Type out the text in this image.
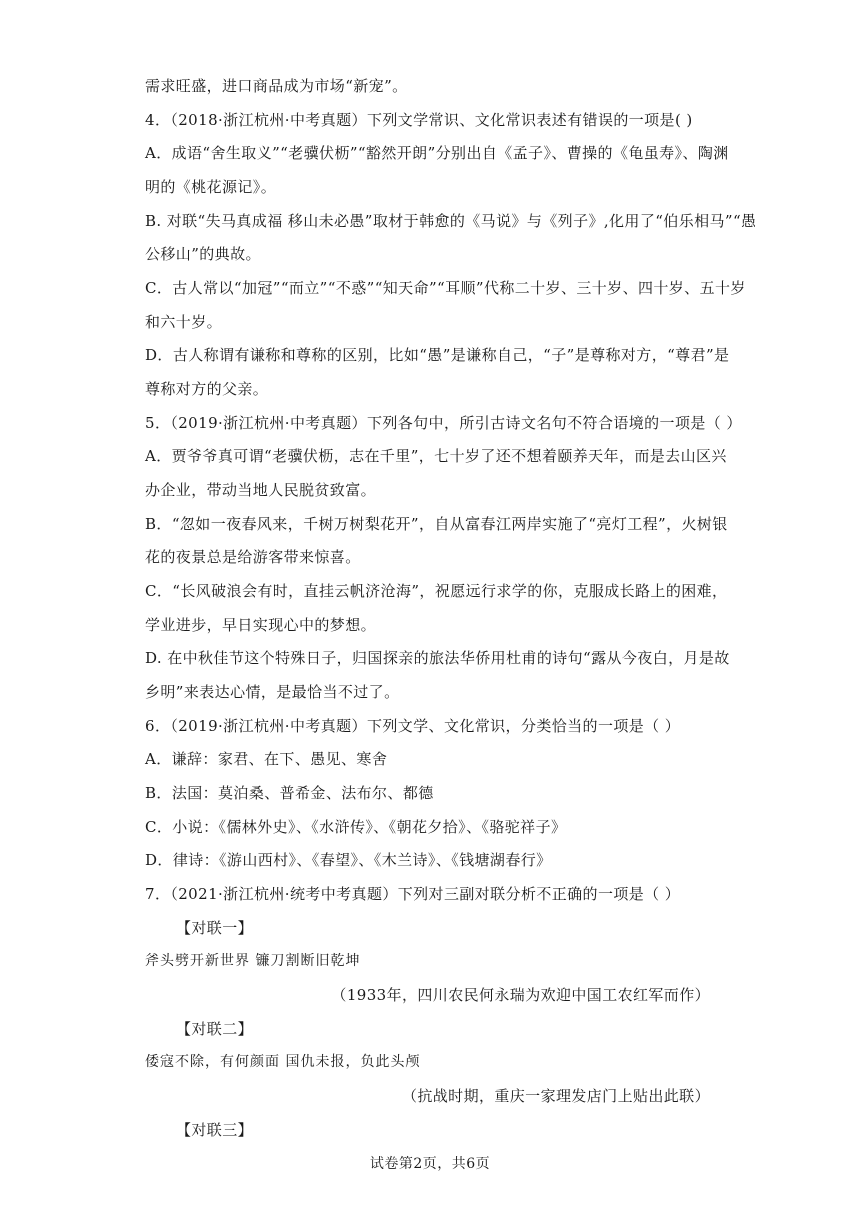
需求旺盛，进口商品成为市场“新宠”。
4．（2018·浙江杭州·中考真题）下列文学常识、文化常识表述有错误的一项是( )
A．成语“舍生取义”“老骥伏枥”“豁然开朗”分别出自《孟子》、曹操的《龟虽寿》、陶渊
明的《桃花源记》。
B. 对联“失马真成福 移山未必愚”取材于韩愈的《马说》与《列子》,化用了“伯乐相马”“愚
公移山”的典故。
C．古人常以“加冠”“而立”“不惑”“知天命”“耳顺”代称二十岁、三十岁、四十岁、五十岁
和六十岁。
D．古人称谓有谦称和尊称的区别，比如“愚”是谦称自己，“子”是尊称对方，“尊君”是
尊称对方的父亲。
5．（2019·浙江杭州·中考真题）下列各句中，所引古诗文名句不符合语境的一项是（ ）
A．贾爷爷真可谓“老骥伏枥，志在千里”，七十岁了还不想着颐养天年，而是去山区兴
办企业，带动当地人民脱贫致富。
B．“忽如一夜春风来，千树万树梨花开”，自从富春江两岸实施了“亮灯工程”，火树银
花的夜景总是给游客带来惊喜。
C．“长风破浪会有时，直挂云帆济沧海”，祝愿远行求学的你，克服成长路上的困难，
学业进步，早日实现心中的梦想。
D. 在中秋佳节这个特殊日子，归国探亲的旅法华侨用杜甫的诗句“露从今夜白，月是故
乡明”来表达心情，是最恰当不过了。
6．（2019·浙江杭州·中考真题）下列文学、文化常识，分类恰当的一项是（ ）
A．谦辞：家君、在下、愚见、寒舍
B．法国：莫泊桑、普希金、法布尔、都德
C．小说：《儒林外史》、《水浒传》、《朝花夕拾》、《骆驼祥子》
D．律诗：《游山西村》、《春望》、《木兰诗》、《钱塘湖春行》
7．（2021·浙江杭州·统考中考真题）下列对三副对联分析不正确的一项是（ ）
【对联一】
斧头劈开新世界 镰刀割断旧乾坤
（1933年，四川农民何永瑞为欢迎中国工农红军而作）
【对联二】
倭寇不除，有何颜面 国仇未报，负此头颅
（抗战时期，重庆一家理发店门上贴出此联）
【对联三】
试卷第2页，共6页
